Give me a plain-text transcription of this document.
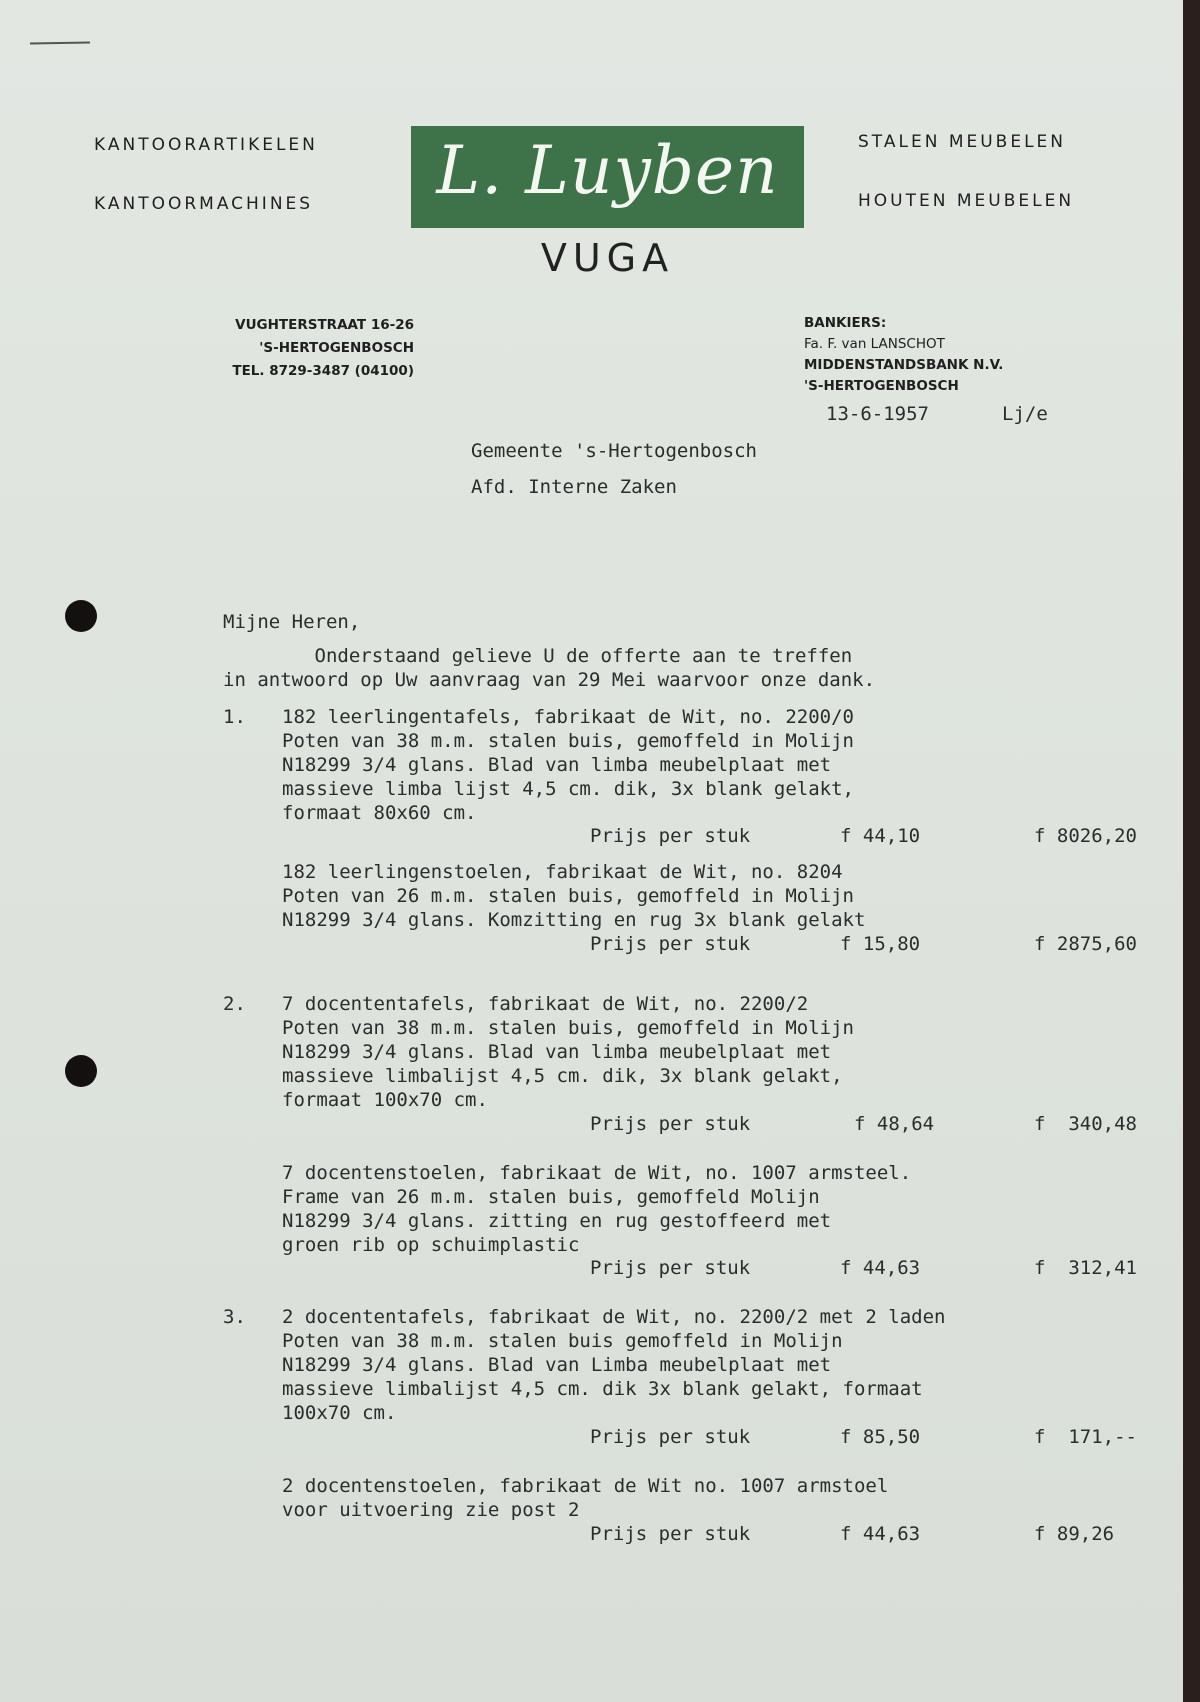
KANTOORARTIKELEN
KANTOORMACHINES
STALEN MEUBELEN
HOUTEN MEUBELEN
L. Luyben
VUGA
VUGHTERSTRAAT 16-26
'S-HERTOGENBOSCH
TEL. 8729-3487 (04100)
BANKIERS:
Fa. F. van LANSCHOT
MIDDENSTANDSBANK N.V.
'S-HERTOGENBOSCH
13-6-1957	Lj/e
Gemeente 's-Hertogenbosch
Afd. Interne Zaken
Mijne Heren,
Onderstaand gelieve U de offerte aan te treffen
in antwoord op Uw aanvraag van 29 Mei waarvoor onze dank.
1. 182 leerlingentafels, fabrikaat de Wit, no. 2200/0
Poten van 38 m.m. stalen buis, gemoffeld in Molijn
N18299 3/4 glans. Blad van limba meubelplaat met
massieve limba lijst 4,5 cm. dik, 3x blank gelakt,
formaat 80x60 cm.
Prijs per stuk	f 44,10	f 8026,20
182 leerlingenstoelen, fabrikaat de Wit, no. 8204
Poten van 26 m.m. stalen buis, gemoffeld in Molijn
N18299 3/4 glans. Komzitting en rug 3x blank gelakt
Prijs per stuk	f 15,80	f 2875,60
2. 7 docententafels, fabrikaat de Wit, no. 2200/2
Poten van 38 m.m. stalen buis, gemoffeld in Molijn
N18299 3/4 glans. Blad van limba meubelplaat met
massieve limbalijst 4,5 cm. dik, 3x blank gelakt,
formaat 100x70 cm.
Prijs per stuk	f 48,64	f  340,48
7 docentenstoelen, fabrikaat de Wit, no. 1007 armsteel.
Frame van 26 m.m. stalen buis, gemoffeld Molijn
N18299 3/4 glans. zitting en rug gestoffeerd met
groen rib op schuimplastic
Prijs per stuk	f 44,63	f  312,41
3. 2 docententafels, fabrikaat de Wit, no. 2200/2 met 2 laden
Poten van 38 m.m. stalen buis gemoffeld in Molijn
N18299 3/4 glans. Blad van Limba meubelplaat met
massieve limbalijst 4,5 cm. dik 3x blank gelakt, formaat
100x70 cm.
Prijs per stuk	f 85,50	f  171,--
2 docentenstoelen, fabrikaat de Wit no. 1007 armstoel
voor uitvoering zie post 2
Prijs per stuk	f 44,63	f 89,26
